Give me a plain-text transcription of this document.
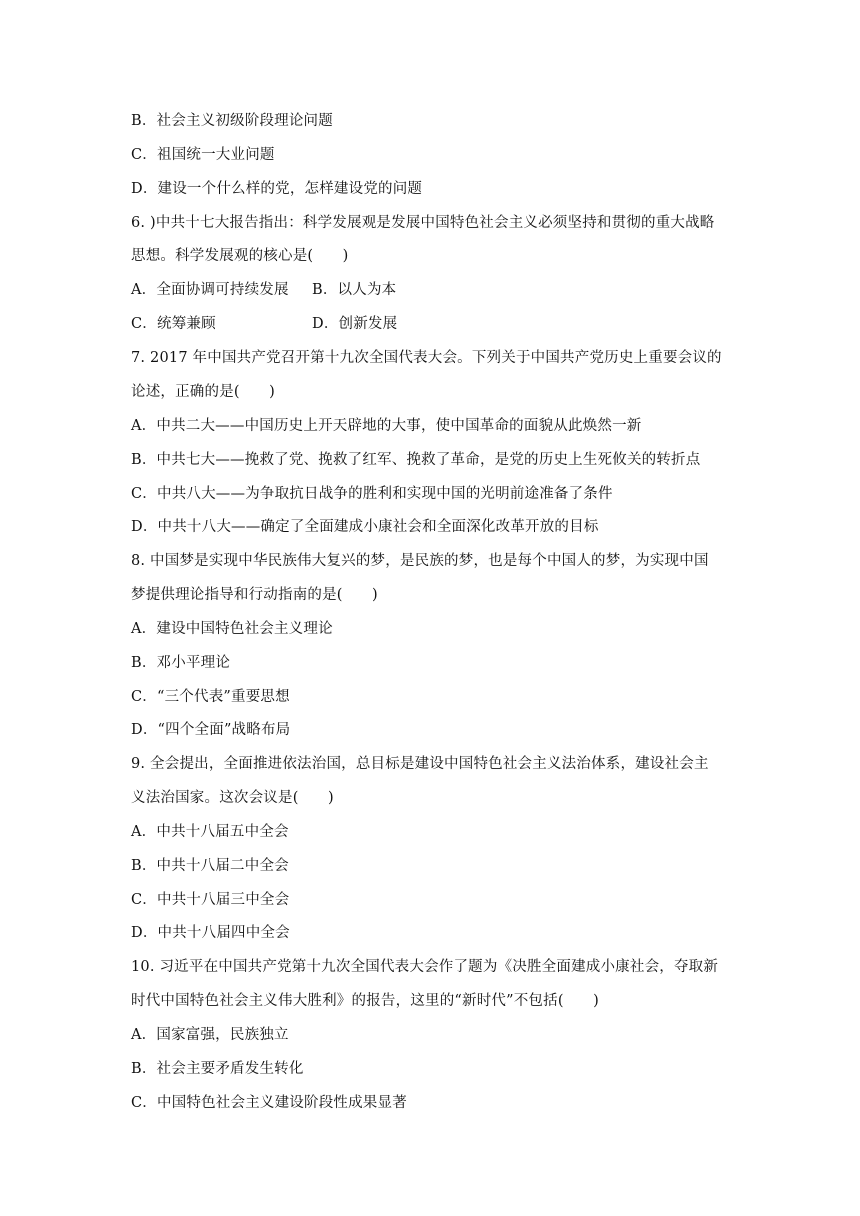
B．社会主义初级阶段理论问题
C．祖国统一大业问题
D．建设一个什么样的党，怎样建设党的问题
6. )中共十七大报告指出：科学发展观是发展中国特色社会主义必须坚持和贯彻的重大战略
思想。科学发展观的核心是(　　)
A．全面协调可持续发展 B．以人为本
C．统筹兼顾	D．创新发展
7. 2017 年中国共产党召开第十九次全国代表大会。下列关于中国共产党历史上重要会议的
论述，正确的是(　　)
A．中共二大——中国历史上开天辟地的大事，使中国革命的面貌从此焕然一新
B．中共七大——挽救了党、挽救了红军、挽救了革命，是党的历史上生死攸关的转折点
C．中共八大——为争取抗日战争的胜利和实现中国的光明前途准备了条件
D．中共十八大——确定了全面建成小康社会和全面深化改革开放的目标
8. 中国梦是实现中华民族伟大复兴的梦，是民族的梦，也是每个中国人的梦，为实现中国
梦提供理论指导和行动指南的是(　　)
A．建设中国特色社会主义理论
B．邓小平理论
C．“三个代表”重要思想
D．“四个全面”战略布局
9. 全会提出，全面推进依法治国，总目标是建设中国特色社会主义法治体系，建设社会主
义法治国家。这次会议是(　　)
A．中共十八届五中全会
B．中共十八届二中全会
C．中共十八届三中全会
D．中共十八届四中全会
10. 习近平在中国共产党第十九次全国代表大会作了题为《决胜全面建成小康社会，夺取新
时代中国特色社会主义伟大胜利》的报告，这里的“新时代”不包括(　　)
A．国家富强，民族独立
B．社会主要矛盾发生转化
C．中国特色社会主义建设阶段性成果显著
